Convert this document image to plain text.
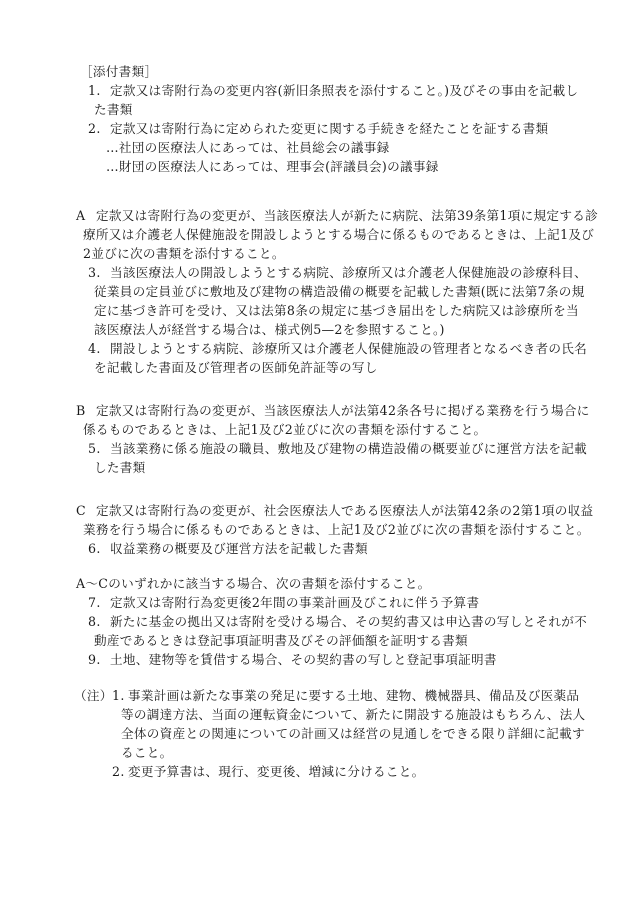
［添付書類］
1. 定款又は寄附行為の変更内容(新旧条照表を添付すること。)及びその事由を記載し
た書類
2. 定款又は寄附行為に定められた変更に関する手続きを経たことを証する書類
…社団の医療法人にあっては、社員総会の議事録
…財団の医療法人にあっては、理事会(評議員会)の議事録
A 定款又は寄附行為の変更が、当該医療法人が新たに病院、法第39条第1項に規定する診
療所又は介護老人保健施設を開設しようとする場合に係るものであるときは、上記1及び
2並びに次の書類を添付すること。
3. 当該医療法人の開設しようとする病院、診療所又は介護老人保健施設の診療科目、
従業員の定員並びに敷地及び建物の構造設備の概要を記載した書類(既に法第7条の規
定に基づき許可を受け、又は法第8条の規定に基づき届出をした病院又は診療所を当
該医療法人が経営する場合は、様式例5—2を参照すること。)
4. 開設しようとする病院、診療所又は介護老人保健施設の管理者となるべき者の氏名
を記載した書面及び管理者の医師免許証等の写し
B 定款又は寄附行為の変更が、当該医療法人が法第42条各号に掲げる業務を行う場合に
係るものであるときは、上記1及び2並びに次の書類を添付すること。
5. 当該業務に係る施設の職員、敷地及び建物の構造設備の概要並びに運営方法を記載
した書類
C 定款又は寄附行為の変更が、社会医療法人である医療法人が法第42条の2第1項の収益
業務を行う場合に係るものであるときは、上記1及び2並びに次の書類を添付すること。
6. 収益業務の概要及び運営方法を記載した書類
A～Cのいずれかに該当する場合、次の書類を添付すること。
7. 定款又は寄附行為変更後2年間の事業計画及びこれに伴う予算書
8. 新たに基金の拠出又は寄附を受ける場合、その契約書又は申込書の写しとそれが不
動産であるときは登記事項証明書及びその評価額を証明する書類
9. 土地、建物等を賃借する場合、その契約書の写しと登記事項証明書
（注） 1. 事業計画は新たな事業の発足に要する土地、建物、機械器具、備品及び医薬品
等の調達方法、当面の運転資金について、新たに開設する施設はもちろん、法人
全体の資産との関連についての計画又は経営の見通しをできる限り詳細に記載す
ること。
2. 変更予算書は、現行、変更後、増減に分けること。
